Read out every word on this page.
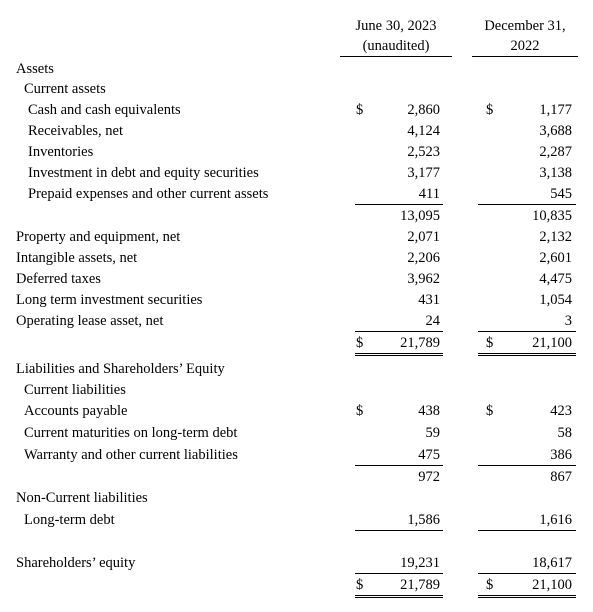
June 30, 2023
(unaudited)
December 31,
2022
Assets
Current assets
Cash and cash equivalents	$	2,860	$	1,177
Receivables, net	4,124	3,688
Inventories	2,523	2,287
Investment in debt and equity securities	3,177	3,138
Prepaid expenses and other current assets	411	545
13,095	10,835
Property and equipment, net	2,071	2,132
Intangible assets, net	2,206	2,601
Deferred taxes	3,962	4,475
Long term investment securities	431	1,054
Operating lease asset, net	24	3
$	21,789	$	21,100
Liabilities and Shareholders’ Equity
Current liabilities
Accounts payable	$	438	$	423
Current maturities on long-term debt	59	58
Warranty and other current liabilities	475	386
972	867
Non-Current liabilities
Long-term debt	1,586	1,616
Shareholders’ equity	19,231	18,617
$	21,789	$	21,100
